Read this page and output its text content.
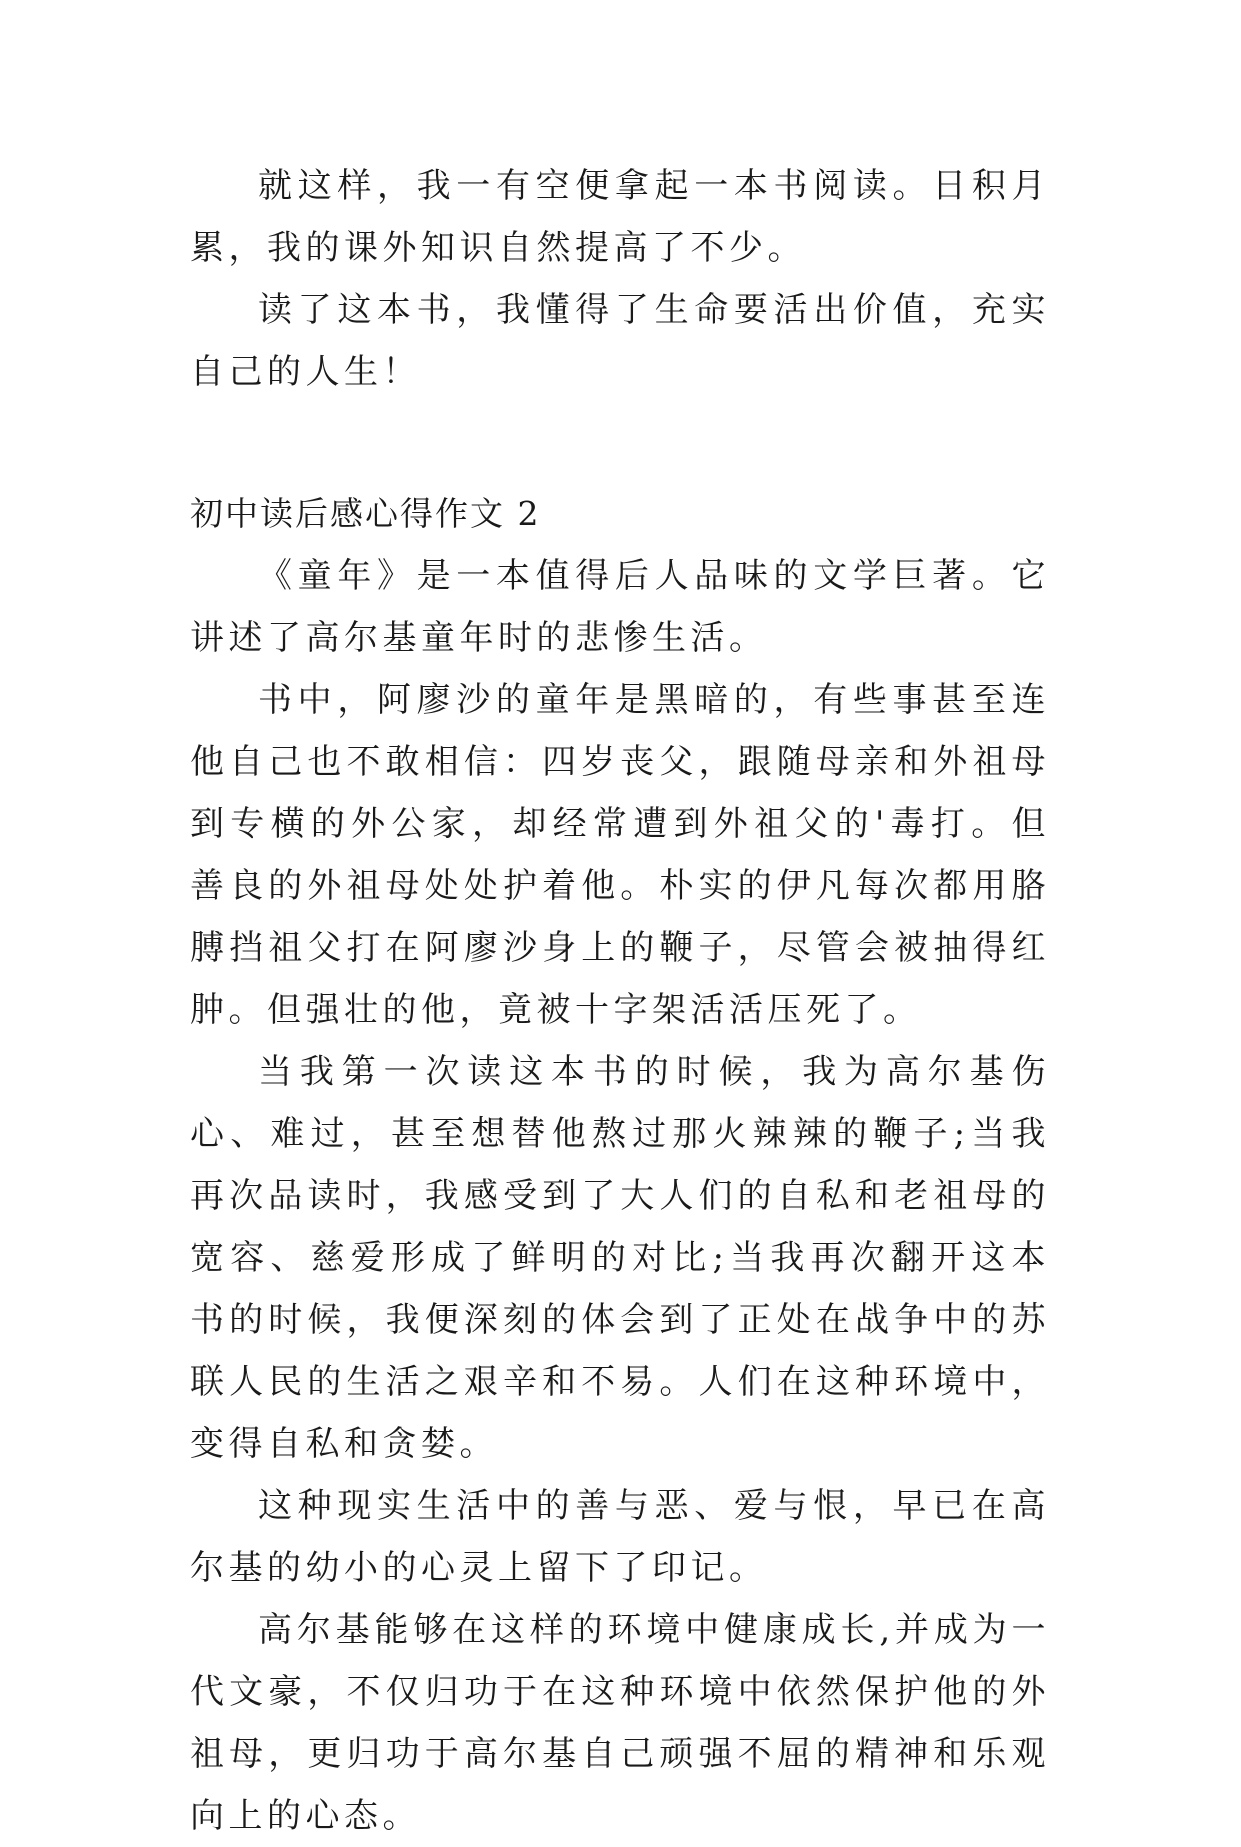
就这样，我一有空便拿起一本书阅读。日积月累，我的课外知识自然提高了不少。

读了这本书，我懂得了生命要活出价值，充实自己的人生！

初中读后感心得作文 2

《童年》是一本值得后人品味的文学巨著。它讲述了高尔基童年时的悲惨生活。

书中，阿廖沙的童年是黑暗的，有些事甚至连他自己也不敢相信：四岁丧父，跟随母亲和外祖母到专横的外公家，却经常遭到外祖父的'毒打。但善良的外祖母处处护着他。朴实的伊凡每次都用胳膊挡祖父打在阿廖沙身上的鞭子，尽管会被抽得红肿。但强壮的他，竟被十字架活活压死了。

当我第一次读这本书的时候，我为高尔基伤心、难过，甚至想替他熬过那火辣辣的鞭子;当我再次品读时，我感受到了大人们的自私和老祖母的宽容、慈爱形成了鲜明的对比;当我再次翻开这本书的时候，我便深刻的体会到了正处在战争中的苏联人民的生活之艰辛和不易。人们在这种环境中，变得自私和贪婪。

这种现实生活中的善与恶、爱与恨，早已在高尔基的幼小的心灵上留下了印记。

高尔基能够在这样的环境中健康成长,并成为一代文豪，不仅归功于在这种环境中依然保护他的外祖母，更归功于高尔基自己顽强不屈的精神和乐观向上的心态。
